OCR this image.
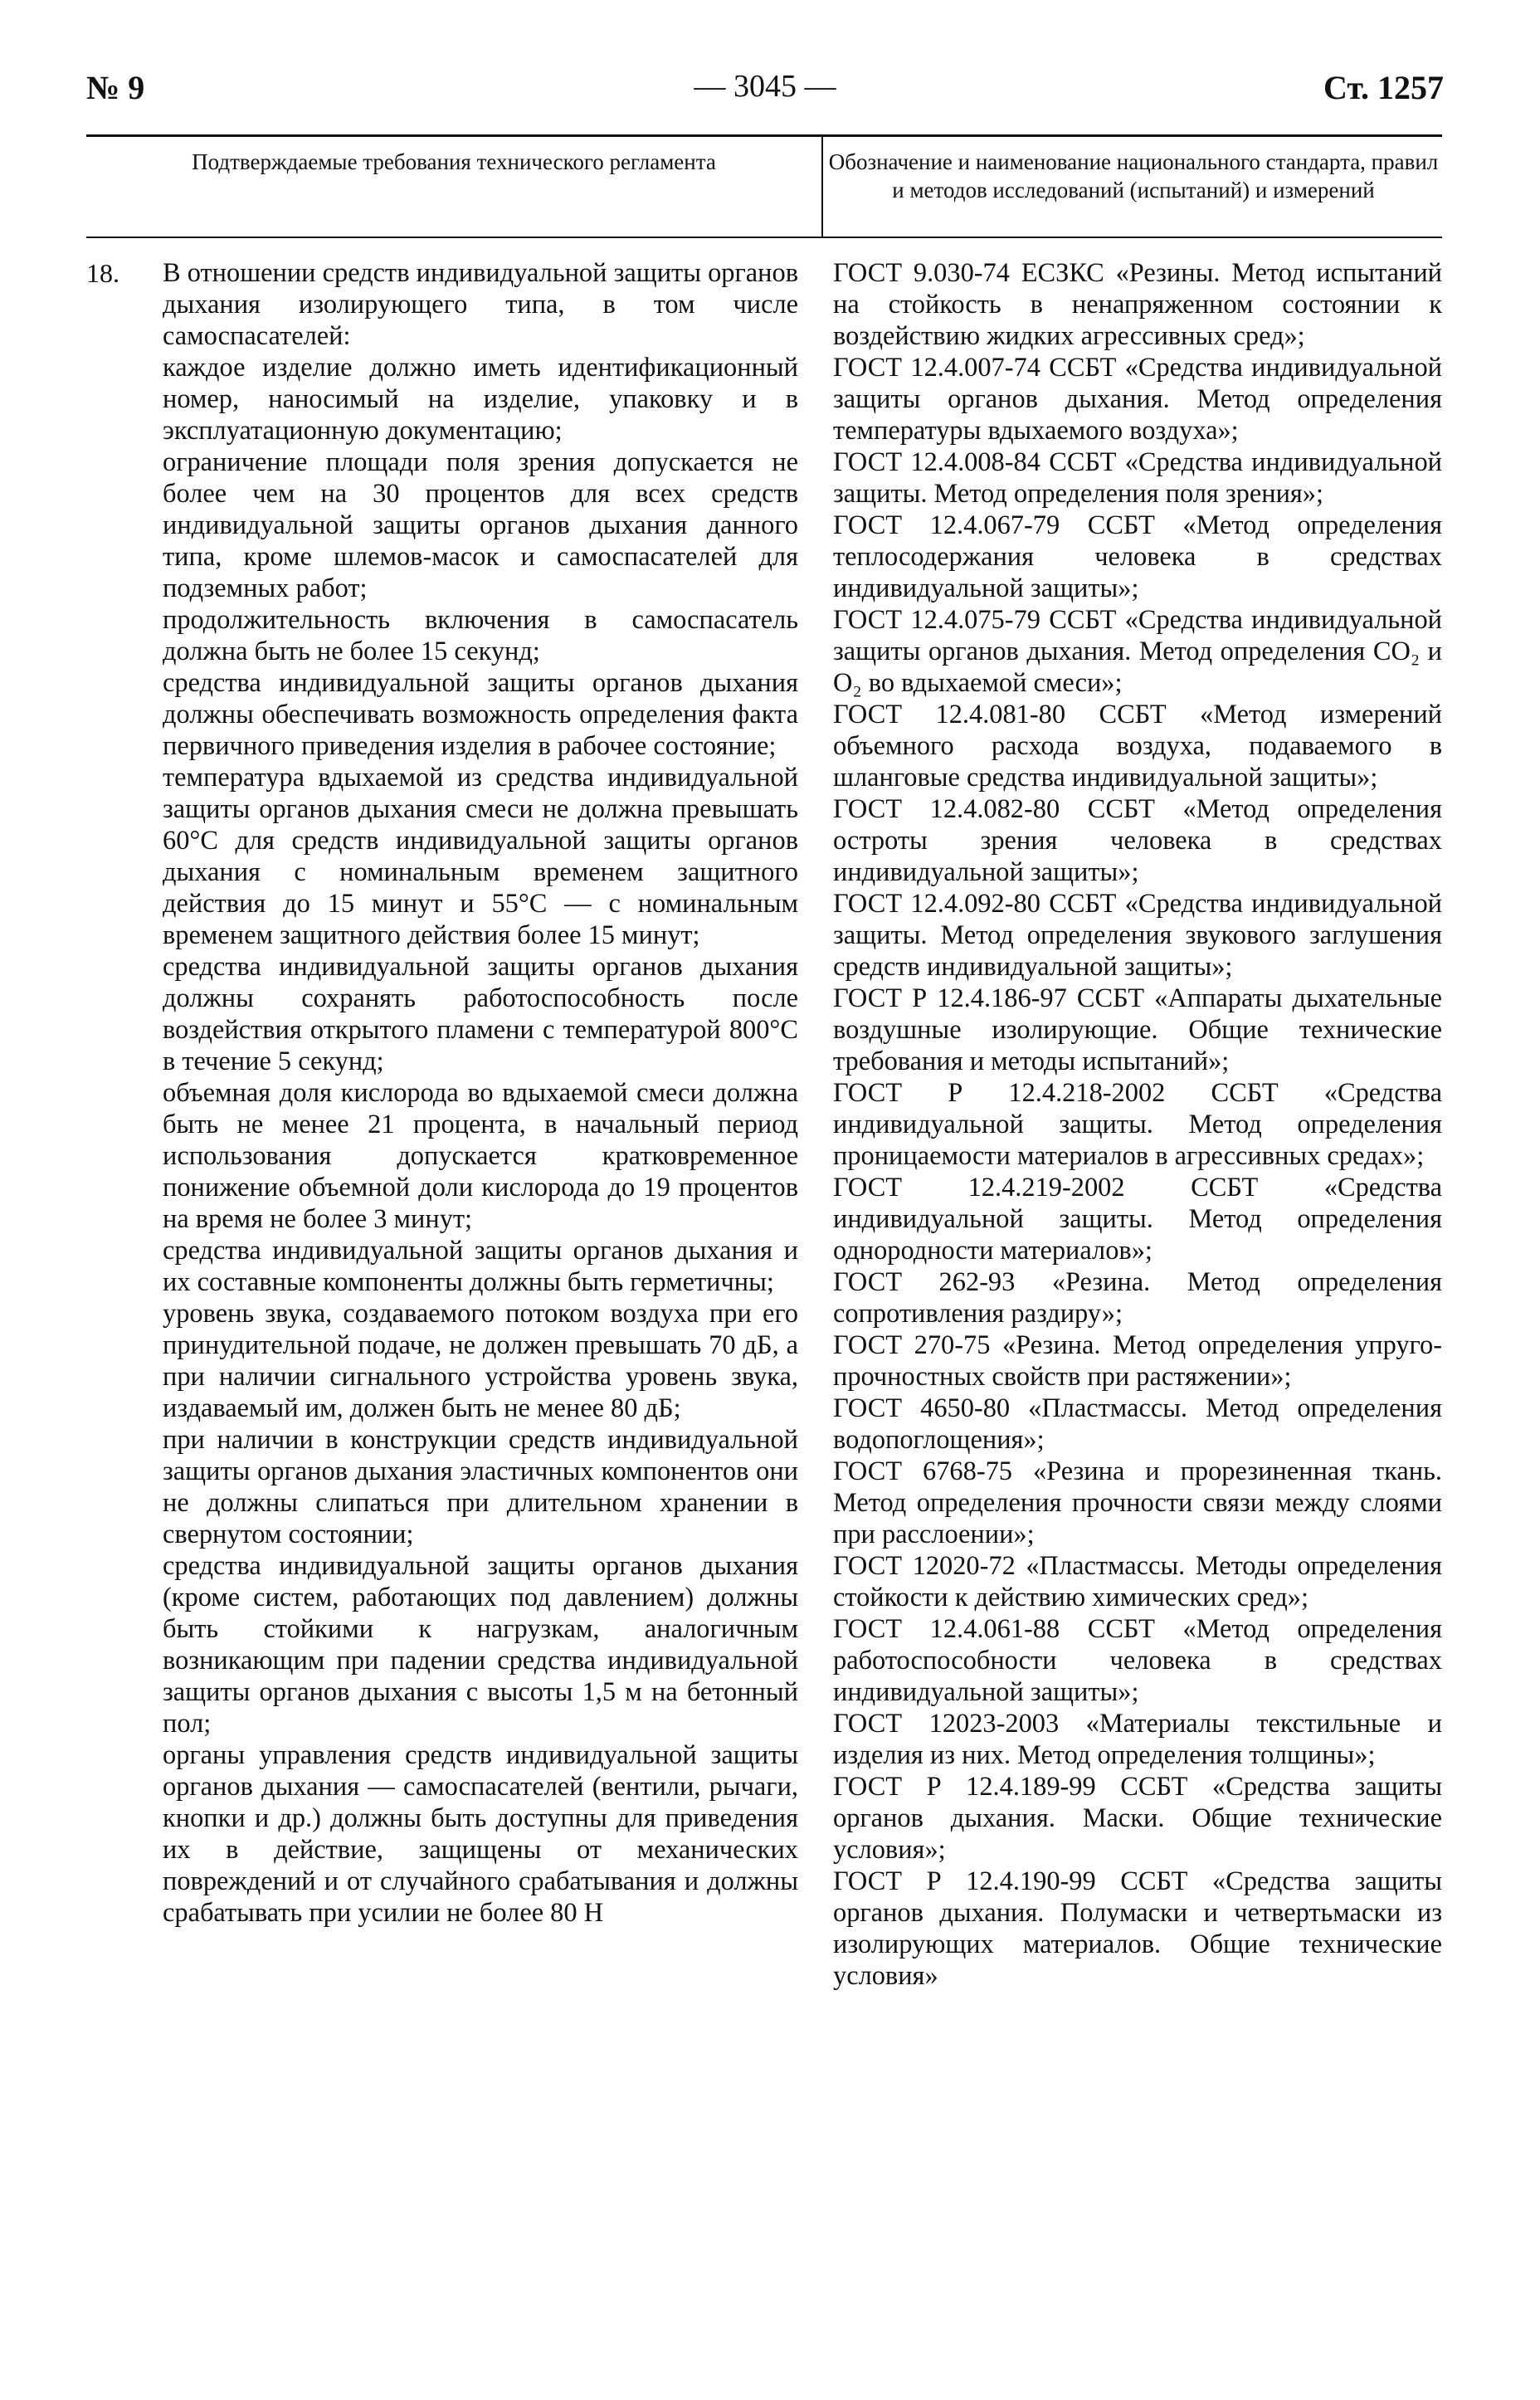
— 3045 —
№ 9	Ст. 1257
Подтверждаемые требования технического регламента	Обозначение и наименование национального стандарта, правил и методов исследований (испытаний) и измерений
18. В отношении средств индивидуальной защиты органов дыхания изолирующего типа, в том числе самоспасателей:

каждое изделие должно иметь идентификационный номер, наносимый на изделие, упаковку и в эксплуатационную документацию;

ограничение площади поля зрения допускается не более чем на 30 процентов для всех средств индивидуальной защиты органов дыхания данного типа, кроме шлемов-масок и самоспасателей для подземных работ;

продолжительность включения в самоспасатель должна быть не более 15 секунд;

средства индивидуальной защиты органов дыхания должны обеспечивать возможность определения факта первичного приведения изделия в рабочее состояние;

температура вдыхаемой из средства индивидуальной защиты органов дыхания смеси не должна превышать 60°С для средств индивидуальной защиты органов дыхания с номинальным временем защитного действия до 15 минут и 55°С — с номинальным временем защитного действия более 15 минут;

средства индивидуальной защиты органов дыхания должны сохранять работоспособность после воздействия открытого пламени с температурой 800°С в течение 5 секунд;

объемная доля кислорода во вдыхаемой смеси должна быть не менее 21 процента, в начальный период использования допускается кратковременное понижение объемной доли кислорода до 19 процентов на время не более 3 минут;

средства индивидуальной защиты органов дыхания и их составные компоненты должны быть герметичны;

уровень звука, создаваемого потоком воздуха при его принудительной подаче, не должен превышать 70 дБ, а при наличии сигнального устройства уровень звука, издаваемый им, должен быть не менее 80 дБ;

при наличии в конструкции средств индивидуальной защиты органов дыхания эластичных компонентов они не должны слипаться при длительном хранении в свернутом состоянии;

средства индивидуальной защиты органов дыхания (кроме систем, работающих под давлением) должны быть стойкими к нагрузкам, аналогичным возникающим при падении средства индивидуальной защиты органов дыхания с высоты 1,5 м на бетонный пол;

органы управления средств индивидуальной защиты органов дыхания — самоспасателей (вентили, рычаги, кнопки и др.) должны быть доступны для приведения их в действие, защищены от механических повреждений и от случайного срабатывания и должны срабатывать при усилии не более 80 Н

ГОСТ 9.030-74 ЕСЗКС «Резины. Метод испытаний на стойкость в ненапряженном состоянии к воздействию жидких агрессивных сред»;

ГОСТ 12.4.007-74 ССБТ «Средства индивидуальной защиты органов дыхания. Метод определения температуры вдыхаемого воздуха»;

ГОСТ 12.4.008-84 ССБТ «Средства индивидуальной защиты. Метод определения поля зрения»;

ГОСТ 12.4.067-79 ССБТ «Метод определения теплосодержания человека в средствах индивидуальной защиты»;

ГОСТ 12.4.075-79 ССБТ «Средства индивидуальной защиты органов дыхания. Метод определения CO₂ и O₂ во вдыхаемой смеси»;

ГОСТ 12.4.081-80 ССБТ «Метод измерений объемного расхода воздуха, подаваемого в шланговые средства индивидуальной защиты»;

ГОСТ 12.4.082-80 ССБТ «Метод определения остроты зрения человека в средствах индивидуальной защиты»;

ГОСТ 12.4.092-80 ССБТ «Средства индивидуальной защиты. Метод определения звукового заглушения средств индивидуальной защиты»;

ГОСТ Р 12.4.186-97 ССБТ «Аппараты дыхательные воздушные изолирующие. Общие технические требования и методы испытаний»;

ГОСТ Р 12.4.218-2002 ССБТ «Средства индивидуальной защиты. Метод определения проницаемости материалов в агрессивных средах»;

ГОСТ 12.4.219-2002 ССБТ «Средства индивидуальной защиты. Метод определения однородности материалов»;

ГОСТ 262-93 «Резина. Метод определения сопротивления раздиру»;

ГОСТ 270-75 «Резина. Метод определения упруго-прочностных свойств при растяжении»;

ГОСТ 4650-80 «Пластмассы. Метод определения водопоглощения»;

ГОСТ 6768-75 «Резина и прорезиненная ткань. Метод определения прочности связи между слоями при расслоении»;

ГОСТ 12020-72 «Пластмассы. Методы определения стойкости к действию химических сред»;

ГОСТ 12.4.061-88 ССБТ «Метод определения работоспособности человека в средствах индивидуальной защиты»;

ГОСТ 12023-2003 «Материалы текстильные и изделия из них. Метод определения толщины»;

ГОСТ Р 12.4.189-99 ССБТ «Средства защиты органов дыхания. Маски. Общие технические условия»;

ГОСТ Р 12.4.190-99 ССБТ «Средства защиты органов дыхания. Полумаски и четвертьмаски из изолирующих материалов. Общие технические условия»
